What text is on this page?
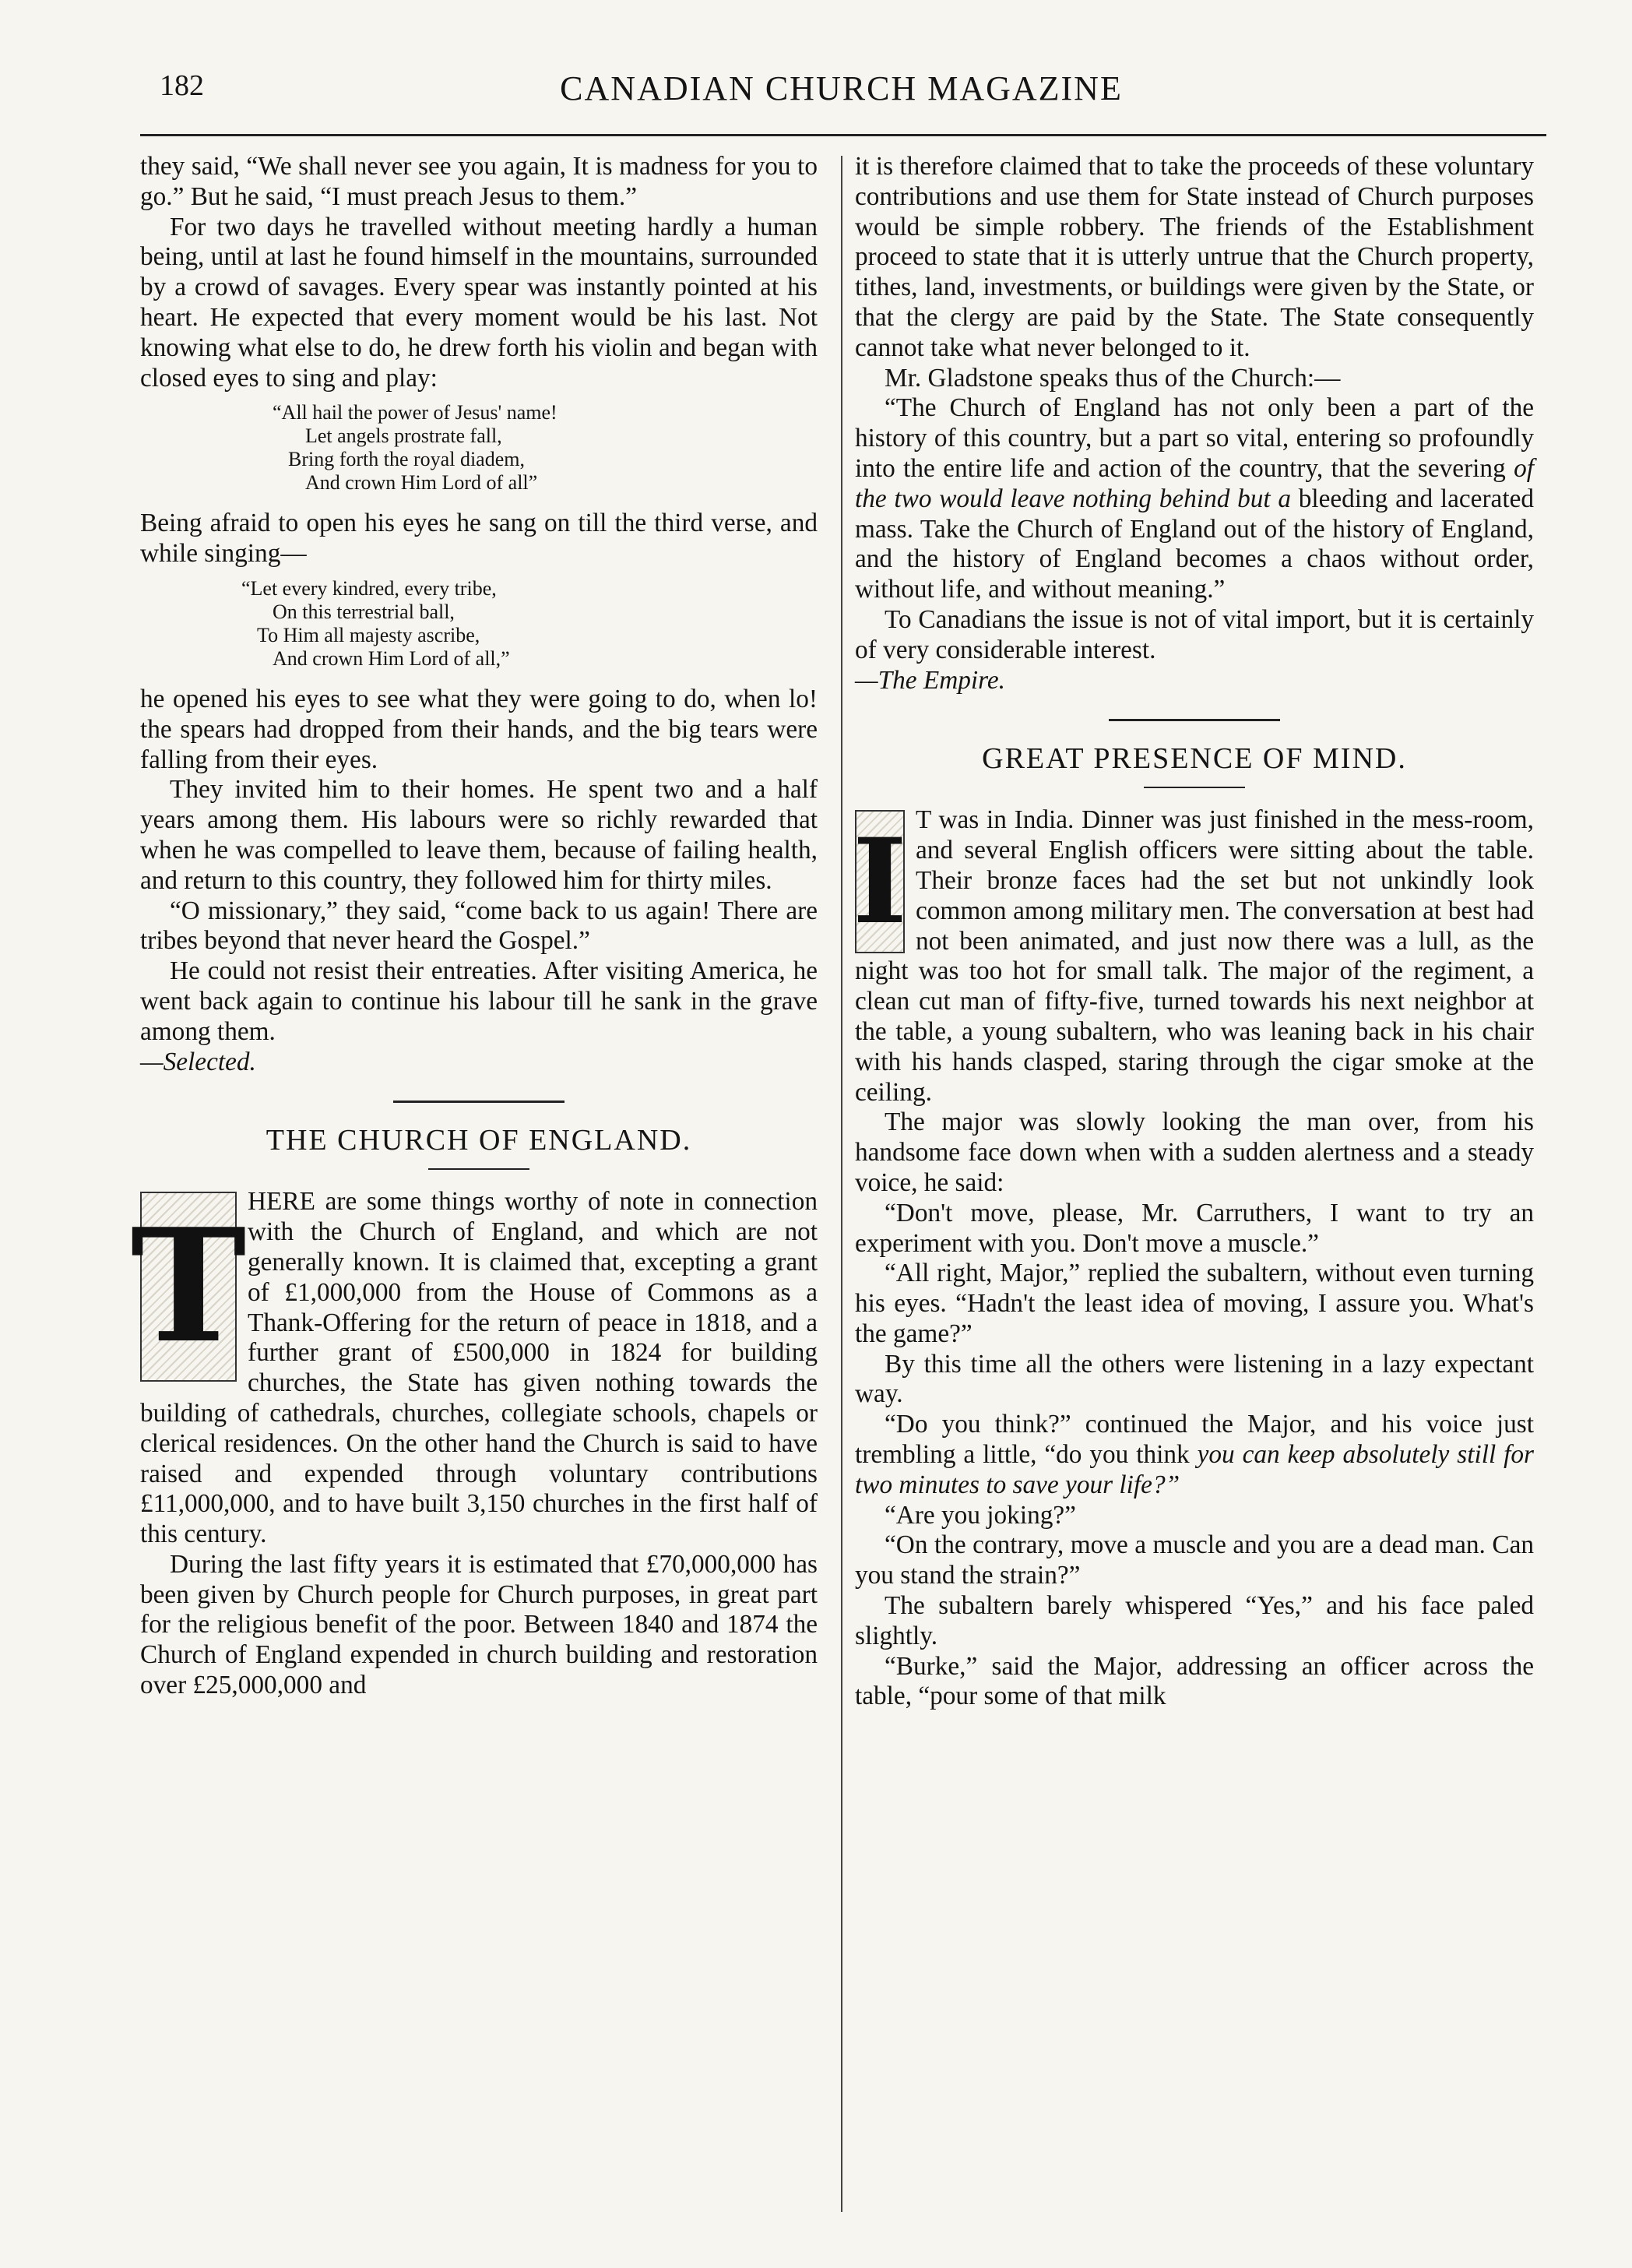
182	CANADIAN CHURCH MAGAZINE

they said, “We shall never see you again, It is madness for you to go.” But he said, “I must preach Jesus to them.”

For two days he travelled without meeting hardly a human being, until at last he found himself in the mountains, surrounded by a crowd of savages. Every spear was instantly pointed at his heart. He expected that every moment would be his last. Not knowing what else to do, he drew forth his violin and began with closed eyes to sing and play:

“All hail the power of Jesus' name!
Let angels prostrate fall,
Bring forth the royal diadem,
And crown Him Lord of all”

Being afraid to open his eyes he sang on till the third verse, and while singing—

“Let every kindred, every tribe,
On this terrestrial ball,
To Him all majesty ascribe,
And crown Him Lord of all,”

he opened his eyes to see what they were going to do, when lo! the spears had dropped from their hands, and the big tears were falling from their eyes.

They invited him to their homes. He spent two and a half years among them. His labours were so richly rewarded that when he was compelled to leave them, because of failing health, and return to this country, they followed him for thirty miles.

“O missionary,” they said, “come back to us again! There are tribes beyond that never heard the Gospel.”

He could not resist their entreaties. After visiting America, he went back again to continue his labour till he sank in the grave among them.

—Selected.

THE CHURCH OF ENGLAND.
T HERE are some things worthy of note in connection with the Church of England, and which are not generally known. It is claimed that, excepting a grant of £1,000,000 from the House of Commons as a Thank-Offering for the return of peace in 1818, and a further grant of £500,000 in 1824 for building churches, the State has given nothing towards the building of cathedrals, churches, collegiate schools, chapels or clerical residences. On the other hand the Church is said to have raised and expended through voluntary contributions £11,000,000, and to have built 3,150 churches in the first half of this century.

During the last fifty years it is estimated that £70,000,000 has been given by Church people for Church purposes, in great part for the religious benefit of the poor. Between 1840 and 1874 the Church of England expended in church building and restoration over £25,000,000 and

it is therefore claimed that to take the proceeds of these voluntary contributions and use them for State instead of Church purposes would be simple robbery. The friends of the Establishment proceed to state that it is utterly untrue that the Church property, tithes, land, investments, or buildings were given by the State, or that the clergy are paid by the State. The State consequently cannot take what never belonged to it.

Mr. Gladstone speaks thus of the Church:—

“The Church of England has not only been a part of the history of this country, but a part so vital, entering so profoundly into the entire life and action of the country, that the severing of the two would leave nothing behind but a bleeding and lacerated mass. Take the Church of England out of the history of England, and the history of England becomes a chaos without order, without life, and without meaning.”

To Canadians the issue is not of vital import, but it is certainly of very considerable interest.

—The Empire.

GREAT PRESENCE OF MIND.
I T was in India. Dinner was just finished in the mess-room, and several English officers were sitting about the table. Their bronze faces had the set but not unkindly look common among military men. The conversation at best had not been animated, and just now there was a lull, as the night was too hot for small talk. The major of the regiment, a clean cut man of fifty-five, turned towards his next neighbor at the table, a young subaltern, who was leaning back in his chair with his hands clasped, staring through the cigar smoke at the ceiling.

The major was slowly looking the man over, from his handsome face down when with a sudden alertness and a steady voice, he said:

“Don't move, please, Mr. Carruthers, I want to try an experiment with you. Don't move a muscle.”

“All right, Major,” replied the subaltern, without even turning his eyes. “Hadn't the least idea of moving, I assure you. What's the game?”

By this time all the others were listening in a lazy expectant way.

“Do you think?” continued the Major, and his voice just trembling a little, “do you think you can keep absolutely still for two minutes to save your life?”

“Are you joking?”

“On the contrary, move a muscle and you are a dead man. Can you stand the strain?”

The subaltern barely whispered “Yes,” and his face paled slightly.

“Burke,” said the Major, addressing an officer across the table, “pour some of that milk
